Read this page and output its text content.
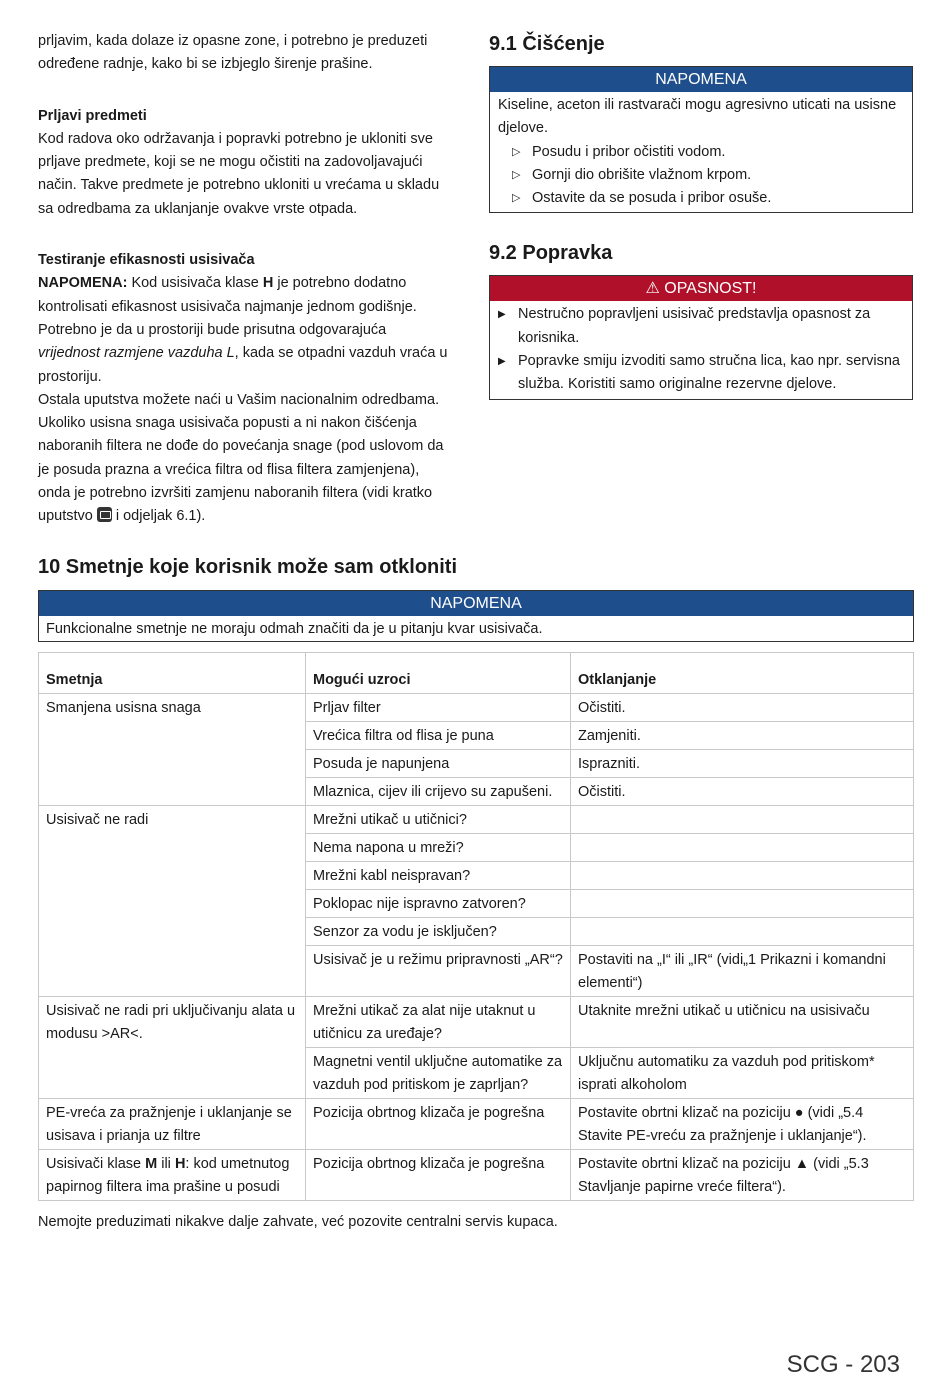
prljavim, kada dolaze iz opasne zone, i potrebno je preduzeti određene radnje, kako bi se izbjeglo širenje prašine.

Prljavi predmeti

Kod radova oko održavanja i popravki potrebno je ukloniti sve prljave predmete, koji se ne mogu očistiti na zadovoljavajući način. Takve predmete je potrebno ukloniti u vrećama u skladu sa odredbama za uklanjanje ovakve vrste otpada.

Testiranje efikasnosti usisivača

NAPOMENA: Kod usisivača klase H je potrebno dodatno kontrolisati efikasnost usisivača najmanje jednom godišnje.

Potrebno je da u prostoriji bude prisutna odgovarajuća vrijednost razmjene vazduha L, kada se otpadni vazduh vraća u prostoriju.

Ostala uputstva možete naći u Vašim nacionalnim odredbama.

Ukoliko usisna snaga usisivača popusti a ni nakon čišćenja naboranih filtera ne dođe do povećanja snage (pod uslovom da je posuda prazna a vrećica filtra od flisa filtera zamjenjena), onda je potrebno izvršiti zamjenu naboranih filtera (vidi kratko uputstvo  i odjeljak 6.1).

9.1 Čišćenje
NAPOMENA

Kiseline, aceton ili rastvarači mogu agresivno uticati na usisne djelove.

▷ Posudu i pribor očistiti vodom.
▷ Gornji dio obrišite vlažnom krpom.
▷ Ostavite da se posuda i pribor osuše.
9.2 Popravka
⚠ OPASNOST!
▶ Nestručno popravljeni usisivač predstavlja opasnost za korisnika.
▶ Popravke smiju izvoditi samo stručna lica, kao npr. servisna služba. Koristiti samo originalne rezervne djelove.
10 Smetnje koje korisnik može sam otkloniti
NAPOMENA
Funkcionalne smetnje ne moraju odmah značiti da je u pitanju kvar usisivača.
Smetnja	Mogući uzroci	Otklanjanje
Smanjena usisna snaga	Prljav filter	Očistiti.
	Vrećica filtra od flisa je puna	Zamjeniti.
	Posuda je napunjena	Isprazniti.
	Mlaznica, cijev ili crijevo su zapušeni.	Očistiti.
Usisivač ne radi	Mrežni utikač u utičnici?	
	Nema napona u mreži?	
	Mrežni kabl neispravan?	
	Poklopac nije ispravno zatvoren?	
	Senzor za vodu je isključen?	
	Usisivač je u režimu pripravnosti „AR“?	Postaviti na „I“ ili „IR“ (vidi„1 Prikazni i komandni elementi“)
Usisivač ne radi pri uključivanju alata u modusu >AR<.	Mrežni utikač za alat nije utaknut u utičnicu za uređaje?	Utaknite mrežni utikač u utičnicu na usisivaču
	Magnetni ventil uključne automatike za vazduh pod pritiskom je zaprljan?	Uključnu automatiku za vazduh pod pritiskom* isprati alkoholom
PE-vreća za pražnjenje i uklanjanje se usisava i prianja uz filtre	Pozicija obrtnog klizača je pogrešna	Postavite obrtni klizač na poziciju ● (vidi „5.4 Stavite PE-vreću za pražnjenje i uklanjanje“).
Usisivači klase M ili H: kod umetnutog papirnog filtera ima prašine u posudi	Pozicija obrtnog klizača je pogrešna	Postavite obrtni klizač na poziciju ▲ (vidi „5.3 Stavljanje papirne vreće filtera“).

Nemojte preduzimati nikakve dalje zahvate, već pozovite centralni servis kupaca.

SCG - 203
